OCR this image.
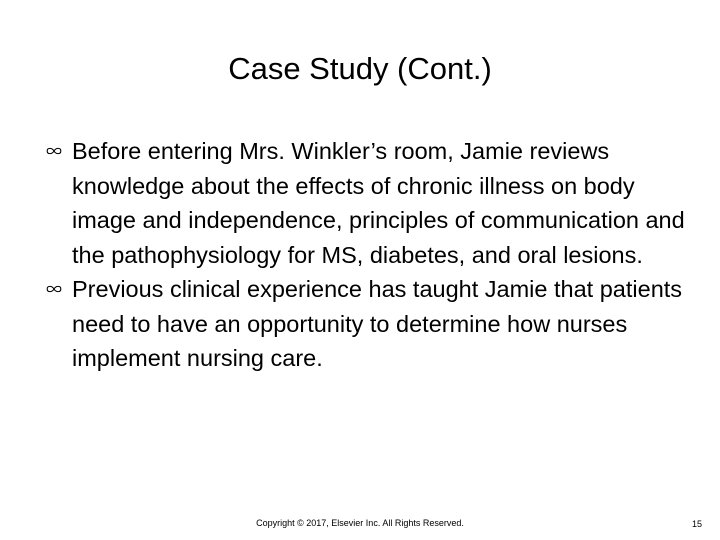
Case Study (Cont.)
Before entering Mrs. Winkler’s room, Jamie reviews knowledge about the effects of chronic illness on body image and independence, principles of communication and the pathophysiology for MS, diabetes, and oral lesions.
Previous clinical experience has taught Jamie that patients need to have an opportunity to determine how nurses implement nursing care.
Copyright © 2017, Elsevier Inc. All Rights Reserved.	15
